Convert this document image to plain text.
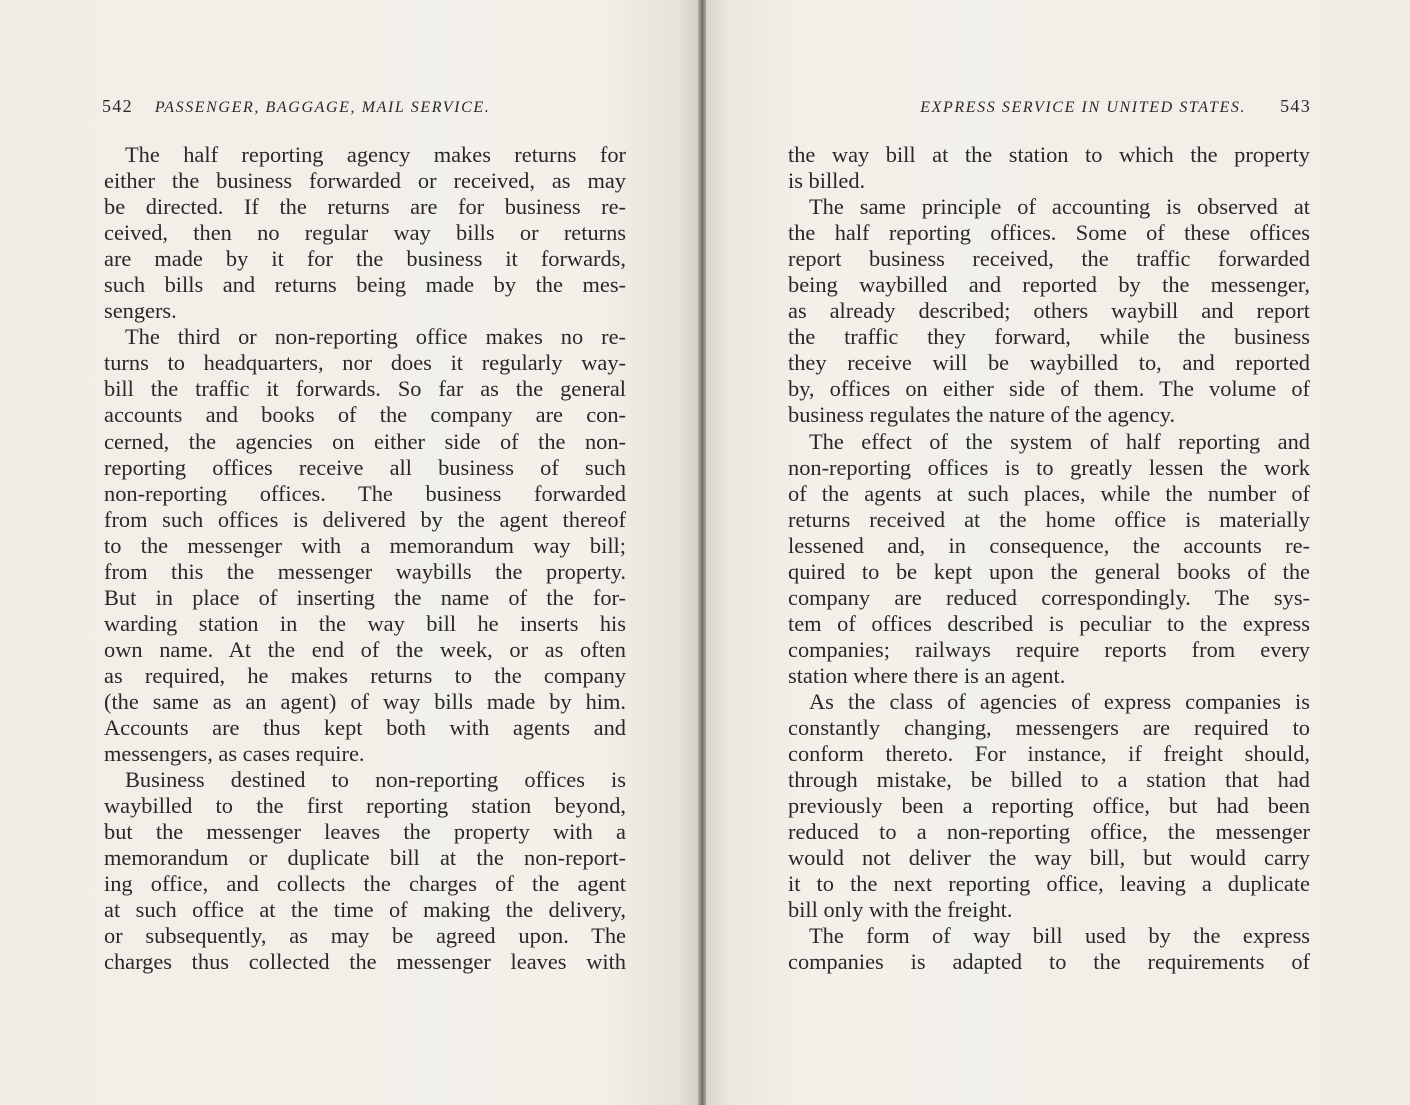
542 PASSENGER, BAGGAGE, MAIL SERVICE.
The half reporting agency makes returns for
either the business forwarded or received, as may
be directed. If the returns are for business re-
ceived, then no regular way bills or returns
are made by it for the business it forwards,
such bills and returns being made by the mes-
sengers.
The third or non-reporting office makes no re-
turns to headquarters, nor does it regularly way-
bill the traffic it forwards. So far as the general
accounts and books of the company are con-
cerned, the agencies on either side of the non-
reporting offices receive all business of such
non-reporting offices. The business forwarded
from such offices is delivered by the agent thereof
to the messenger with a memorandum way bill;
from this the messenger waybills the property.
But in place of inserting the name of the for-
warding station in the way bill he inserts his
own name. At the end of the week, or as often
as required, he makes returns to the company
(the same as an agent) of way bills made by him.
Accounts are thus kept both with agents and
messengers, as cases require.
Business destined to non-reporting offices is
waybilled to the first reporting station beyond,
but the messenger leaves the property with a
memorandum or duplicate bill at the non-report-
ing office, and collects the charges of the agent
at such office at the time of making the delivery,
or subsequently, as may be agreed upon. The
charges thus collected the messenger leaves with
EXPRESS SERVICE IN UNITED STATES. 543
the way bill at the station to which the property
is billed.
The same principle of accounting is observed at
the half reporting offices. Some of these offices
report business received, the traffic forwarded
being waybilled and reported by the messenger,
as already described; others waybill and report
the traffic they forward, while the business
they receive will be waybilled to, and reported
by, offices on either side of them. The volume of
business regulates the nature of the agency.
The effect of the system of half reporting and
non-reporting offices is to greatly lessen the work
of the agents at such places, while the number of
returns received at the home office is materially
lessened and, in consequence, the accounts re-
quired to be kept upon the general books of the
company are reduced correspondingly. The sys-
tem of offices described is peculiar to the express
companies; railways require reports from every
station where there is an agent.
As the class of agencies of express companies is
constantly changing, messengers are required to
conform thereto. For instance, if freight should,
through mistake, be billed to a station that had
previously been a reporting office, but had been
reduced to a non-reporting office, the messenger
would not deliver the way bill, but would carry
it to the next reporting office, leaving a duplicate
bill only with the freight.
The form of way bill used by the express
companies is adapted to the requirements of
